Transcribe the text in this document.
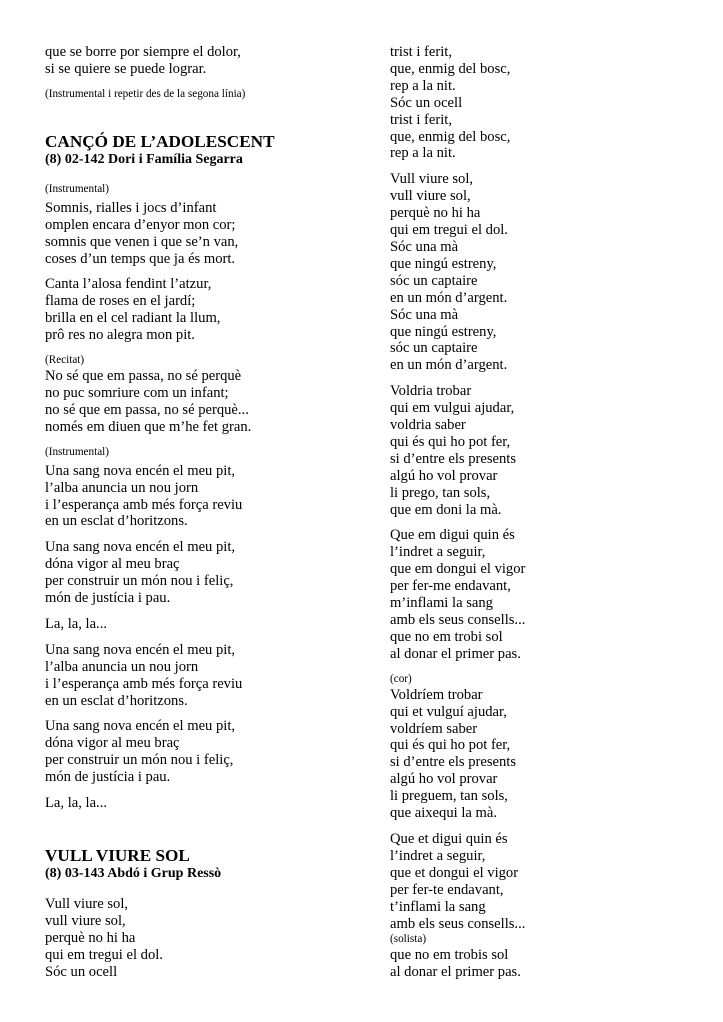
que se borre por siempre el dolor,
si se quiere se puede lograr.
(Instrumental i repetir des de la segona línia)
CANÇÓ DE L’ADOLESCENT
(8) 02-142 Dori i Família Segarra
(Instrumental)
Somnis, rialles i jocs d’infant
omplen encara d’enyor mon cor;
somnis que venen i que se’n van,
coses d’un temps que ja és mort.
Canta l’alosa fendint l’atzur,
flama de roses en el jardí;
brilla en el cel radiant la llum,
prô res no alegra mon pit.
(Recitat)
No sé que em passa, no sé perquè
no puc somriure com un infant;
no sé que em passa, no sé perquè...
només em diuen que m’he fet gran.
(Instrumental)
Una sang nova encén el meu pit,
l’alba anuncia un nou jorn
i l’esperança amb més força reviu
en un esclat d’horitzons.
Una sang nova encén el meu pit,
dóna vigor al meu braç
per construir un món nou i feliç,
món de justícia i pau.
La, la, la...
Una sang nova encén el meu pit,
l’alba anuncia un nou jorn
i l’esperança amb més força reviu
en un esclat d’horitzons.
Una sang nova encén el meu pit,
dóna vigor al meu braç
per construir un món nou i feliç,
món de justícia i pau.
La, la, la...
VULL VIURE SOL
(8) 03-143 Abdó i Grup Ressò
Vull viure sol,
vull viure sol,
perquè no hi ha
qui em tregui el dol.
Sóc un ocell
trist i ferit,
que, enmig del bosc,
rep a la nit.
Sóc un ocell
trist i ferit,
que, enmig del bosc,
rep a la nit.
Vull viure sol,
vull viure sol,
perquè no hi ha
qui em tregui el dol.
Sóc una mà
que ningú estreny,
sóc un captaire
en un món d’argent.
Sóc una mà
que ningú estreny,
sóc un captaire
en un món d’argent.
Voldria trobar
qui em vulgui ajudar,
voldria saber
qui és qui ho pot fer,
si d’entre els presents
algú ho vol provar
li prego, tan sols,
que em doni la mà.
Que em digui quin és
l’indret a seguir,
que em dongui el vigor
per fer-me endavant,
m’inflami la sang
amb els seus consells...
que no em trobi sol
al donar el primer pas.
(cor)
Voldríem trobar
qui et vulguí ajudar,
voldríem saber
qui és qui ho pot fer,
si d’entre els presents
algú ho vol provar
li preguem, tan sols,
que aixequi la mà.
Que et digui quin és
l’indret a seguir,
que et dongui el vigor
per fer-te endavant,
t’inflami la sang
amb els seus consells...
(solista)
que no em trobis sol
al donar el primer pas.
